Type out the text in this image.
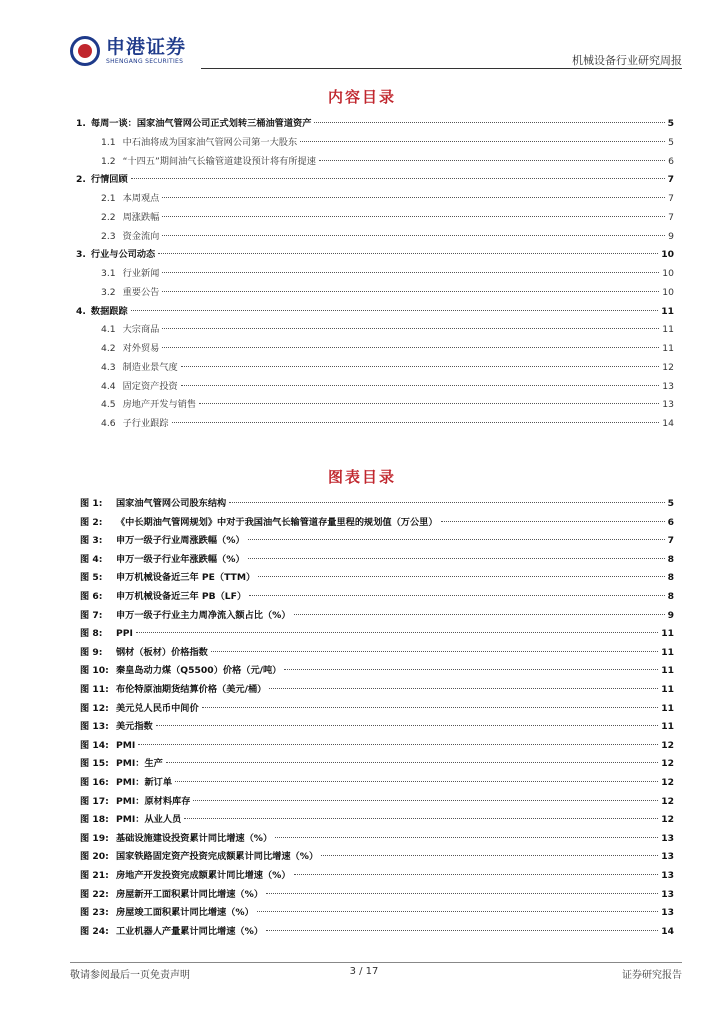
申港证券
SHENGANG SECURITIES	机械设备行业研究周报
内容目录
1. 每周一谈：国家油气管网公司正式划转三桶油管道资产	5
1.1 中石油将成为国家油气管网公司第一大股东	5
1.2 “十四五”期间油气长输管道建设预计将有所提速	6
2. 行情回顾	7
2.1 本周观点	7
2.2 周涨跌幅	7
2.3 资金流向	9
3. 行业与公司动态	10
3.1 行业新闻	10
3.2 重要公告	10
4. 数据跟踪	11
4.1 大宗商品	11
4.2 对外贸易	11
4.3 制造业景气度	12
4.4 固定资产投资	13
4.5 房地产开发与销售	13
4.6 子行业跟踪	14
图表目录
图 1:	国家油气管网公司股东结构	5
图 2:	《中长期油气管网规划》中对于我国油气长输管道存量里程的规划值（万公里）	6
图 3:	申万一级子行业周涨跌幅（%）	7
图 4:	申万一级子行业年涨跌幅（%）	8
图 5:	申万机械设备近三年 PE（TTM）	8
图 6:	申万机械设备近三年 PB（LF）	8
图 7:	申万一级子行业主力周净流入额占比（%）	9
图 8:	PPI	11
图 9:	钢材（板材）价格指数	11
图 10: 秦皇岛动力煤（Q5500）价格（元/吨）	11
图 11: 布伦特原油期货结算价格（美元/桶）	11
图 12: 美元兑人民币中间价	11
图 13: 美元指数	11
图 14: PMI	12
图 15: PMI：生产	12
图 16: PMI：新订单	12
图 17: PMI：原材料库存	12
图 18: PMI：从业人员	12
图 19: 基础设施建设投资累计同比增速（%）	13
图 20: 国家铁路固定资产投资完成额累计同比增速（%）	13
图 21: 房地产开发投资完成额累计同比增速（%）	13
图 22: 房屋新开工面积累计同比增速（%）	13
图 23: 房屋竣工面积累计同比增速（%）	13
图 24: 工业机器人产量累计同比增速（%）	14
敬请参阅最后一页免责声明	3 / 17	证券研究报告
